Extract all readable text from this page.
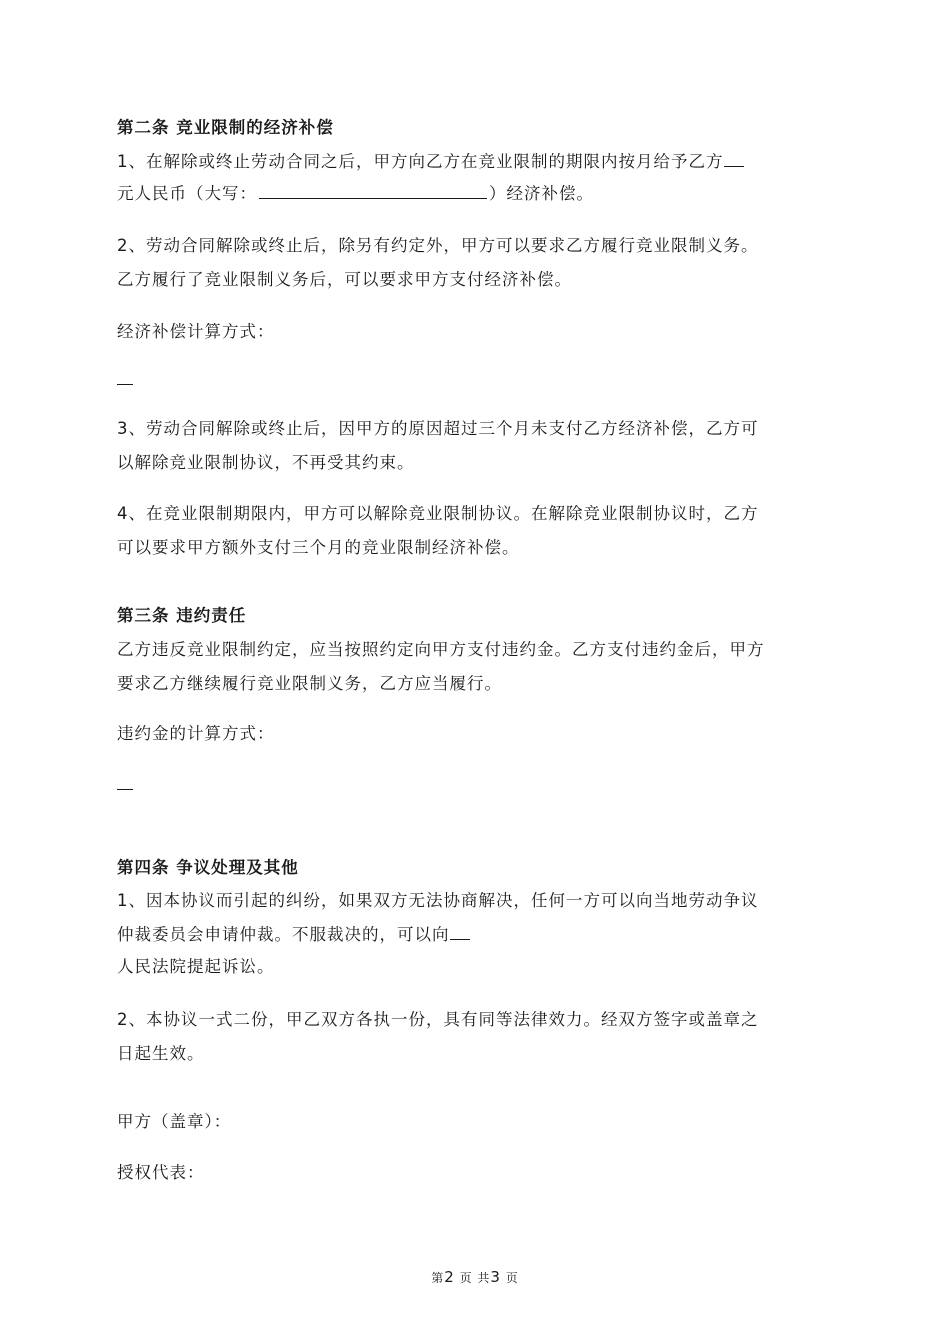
第二条 竞业限制的经济补偿
1、在解除或终止劳动合同之后，甲方向乙方在竞业限制的期限内按月给予乙方
元人民币（大写：	）经济补偿。
2、劳动合同解除或终止后，除另有约定外，甲方可以要求乙方履行竞业限制义务。
乙方履行了竞业限制义务后，可以要求甲方支付经济补偿。
经济补偿计算方式：
3、劳动合同解除或终止后，因甲方的原因超过三个月未支付乙方经济补偿，乙方可
以解除竞业限制协议，不再受其约束。
4、在竞业限制期限内，甲方可以解除竞业限制协议。在解除竞业限制协议时，乙方
可以要求甲方额外支付三个月的竞业限制经济补偿。
第三条 违约责任
乙方违反竞业限制约定，应当按照约定向甲方支付违约金。乙方支付违约金后，甲方
要求乙方继续履行竞业限制义务，乙方应当履行。
违约金的计算方式：
第四条 争议处理及其他
1、因本协议而引起的纠纷，如果双方无法协商解决，任何一方可以向当地劳动争议
仲裁委员会申请仲裁。不服裁决的，可以向
人民法院提起诉讼。
2、本协议一式二份，甲乙双方各执一份，具有同等法律效力。经双方签字或盖章之
日起生效。
甲方（盖章）：
授权代表：
第2 页 共3 页
